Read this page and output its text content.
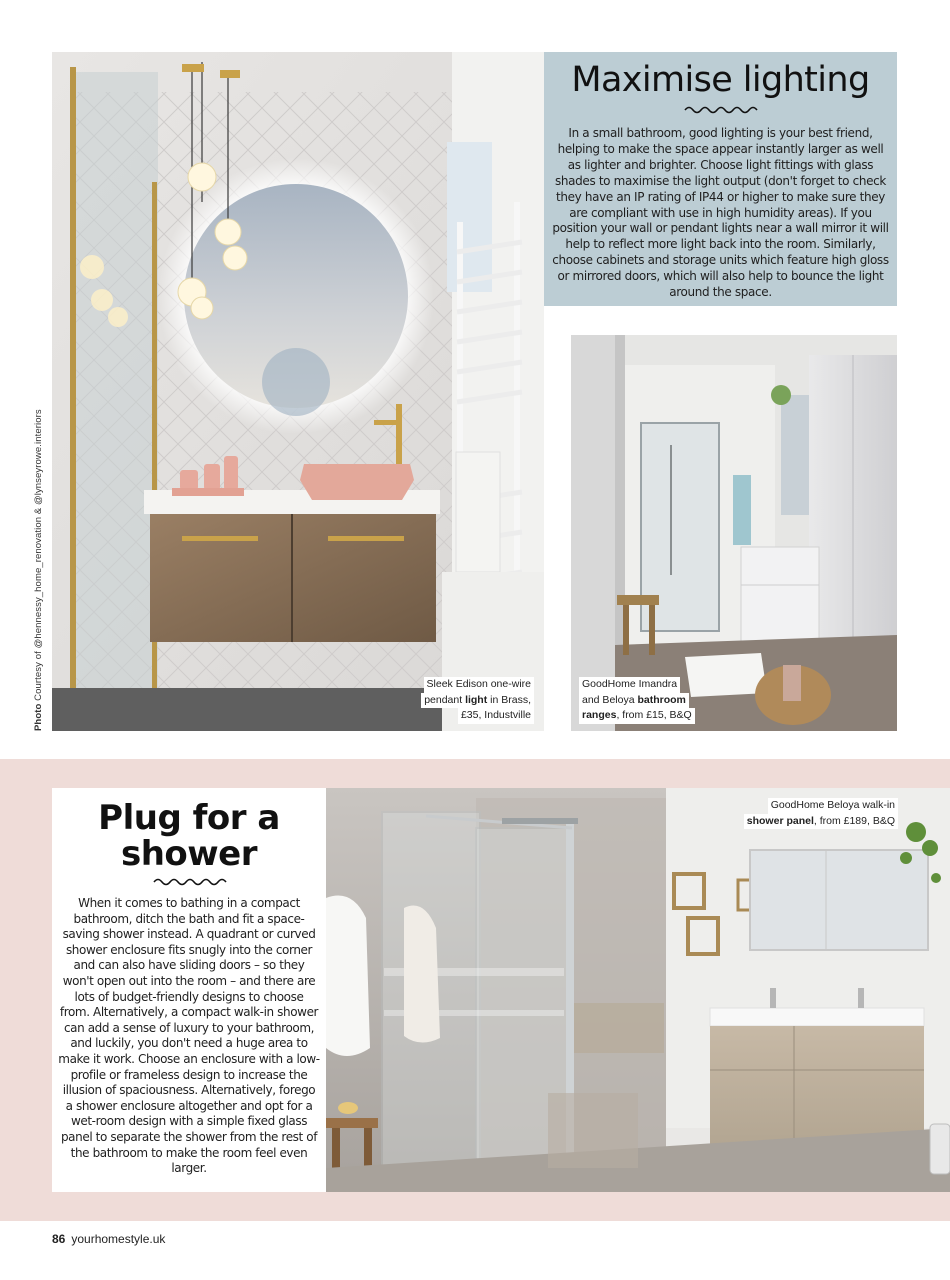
Photo Courtesy of @hennessy_home_renovation & @lynseyrowe.interiors	Sleek Edison one-wire
pendant light in Brass,
£35, Industville
Maximise lighting

In a small bathroom, good lighting is your best friend, helping to make the space appear instantly larger as well as lighter and brighter. Choose light fittings with glass shades to maximise the light output (don't forget to check they have an IP rating of IP44 or higher to make sure they are compliant with use in high humidity areas). If you position your wall or pendant lights near a wall mirror it will help to reflect more light back into the room. Similarly, choose cabinets and storage units which feature high gloss or mirrored doors, which will also help to bounce the light around the space.

GoodHome Imandra
and Beloya bathroom
ranges, from £15, B&Q
Plug for a
shower

When it comes to bathing in a compact bathroom, ditch the bath and fit a space-saving shower instead. A quadrant or curved shower enclosure fits snugly into the corner and can also have sliding doors – so they won't open out into the room – and there are lots of budget-friendly designs to choose from. Alternatively, a compact walk-in shower can add a sense of luxury to your bathroom, and luckily, you don't need a huge area to make it work. Choose an enclosure with a low-profile or frameless design to increase the illusion of spaciousness. Alternatively, forego a shower enclosure altogether and opt for a wet-room design with a simple fixed glass panel to separate the shower from the rest of the bathroom to make the room feel even larger.

GoodHome Beloya walk-in
shower panel, from £189, B&Q
86 yourhomestyle.uk
